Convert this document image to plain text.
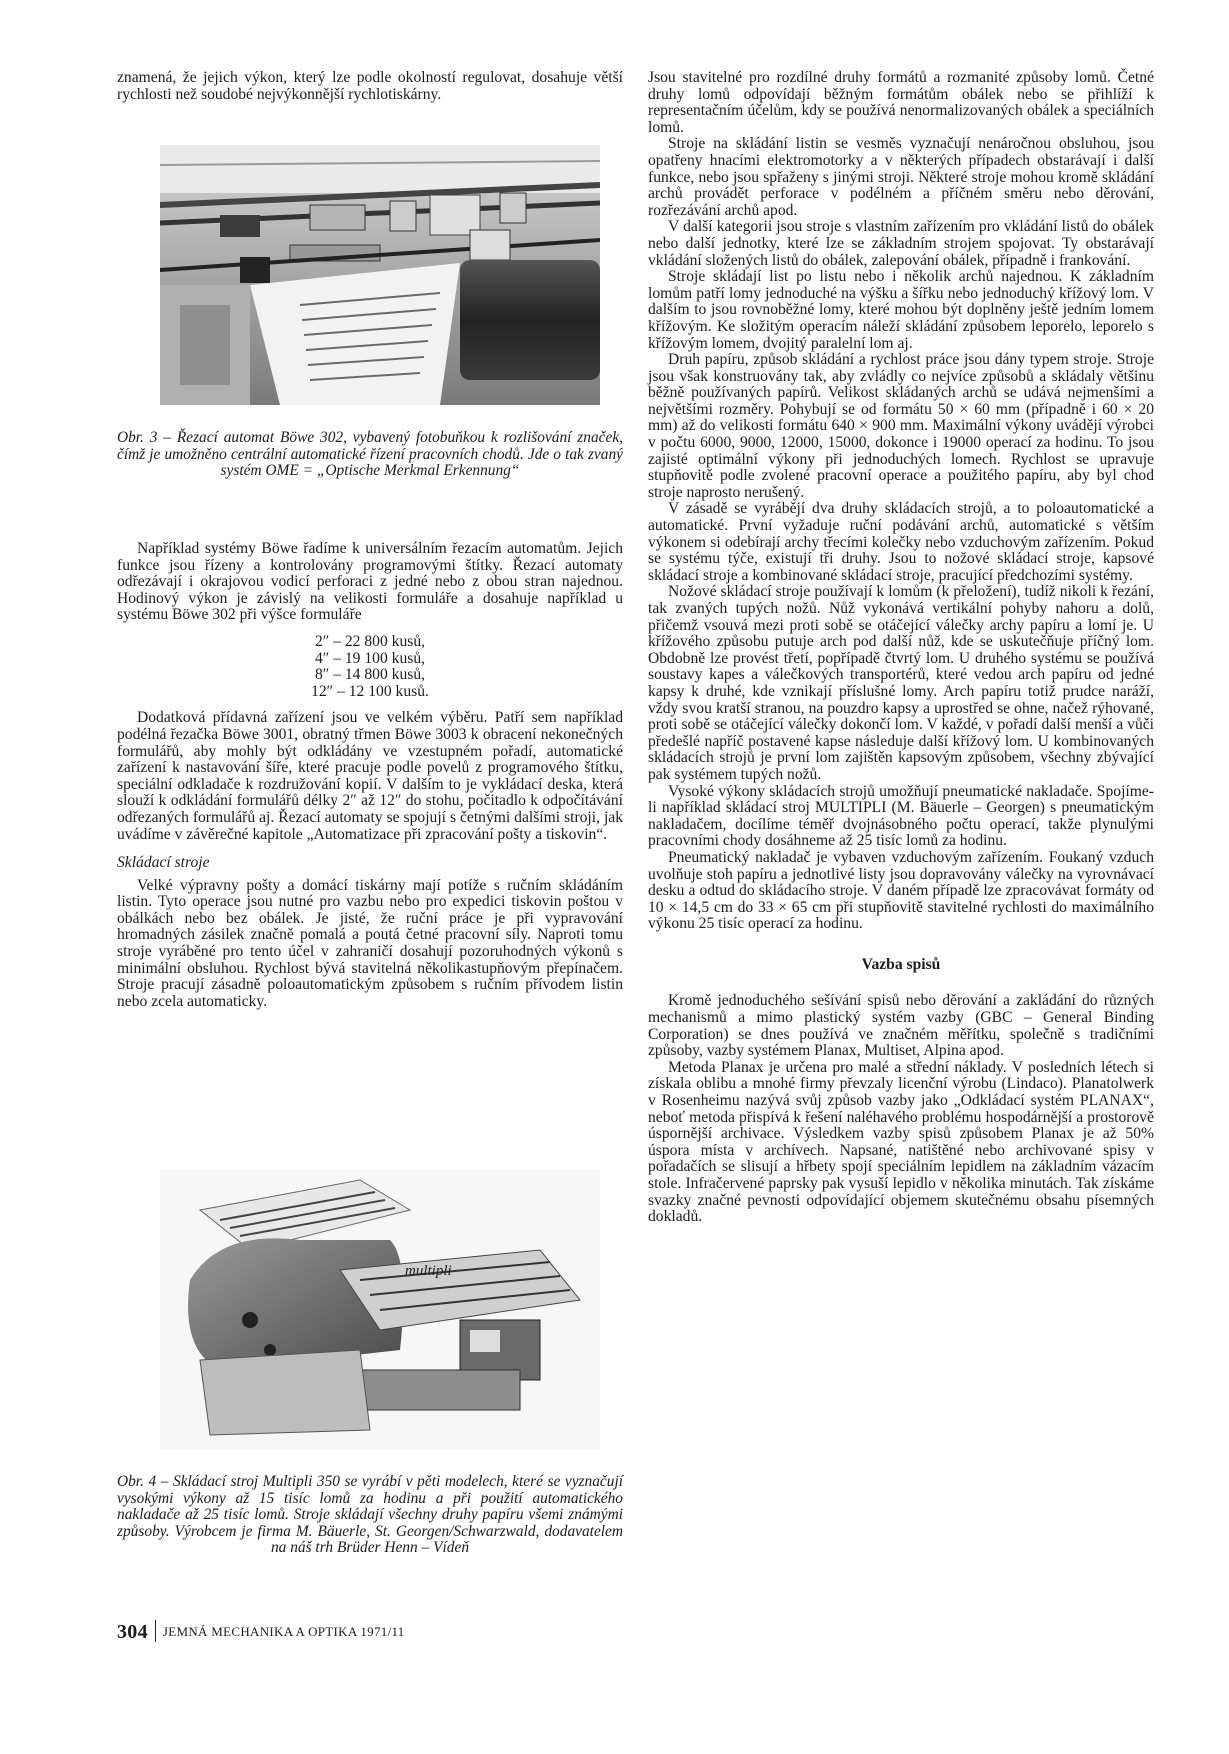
znamená, že jejich výkon, který lze podle okolností regulovat, dosahuje větší rychlosti než soudobé nejvýkonnější rychlotiskárny.

Obr. 3 – Řezací automat Böwe 302, vybavený fotobuňkou k rozlišování značek, čímž je umožněno centrální automatické řízení pracovních chodů. Jde o tak zvaný systém OME = „Optische Merkmal Erkennung“

Například systémy Böwe řadíme k universálním řezacím automatům. Jejich funkce jsou řízeny a kontrolovány programovými štítky. Řezací automaty odřezávají i okrajovou vodicí perforaci z jedné nebo z obou stran najednou. Hodinový výkon je závislý na velikosti formuláře a dosahuje například u systému Böwe 302 při výšce formuláře

2″ – 22 800 kusů,
4″ – 19 100 kusů,
8″ – 14 800 kusů,
12″ – 12 100 kusů.

Dodatková přídavná zařízení jsou ve velkém výběru. Patří sem například podélná řezačka Böwe 3001, obratný třmen Böwe 3003 k obracení nekonečných formulářů, aby mohly být odkládány ve vzestupném pořadí, automatické zařízení k nastavování šíře, které pracuje podle povelů z programového štítku, speciální odkladače k rozdružování kopií. V dalším to je vykládací deska, která slouží k odkládání formulářů délky 2″ až 12″ do stohu, počitadlo k odpočítávání odřezaných formulářů aj. Řezací automaty se spojují s četnými dalšími stroji, jak uvádíme v závěrečné kapitole „Automatizace při zpracování pošty a tiskovin“.

Skládací stroje

Velké výpravny pošty a domácí tiskárny mají potíže s ručním skládáním listin. Tyto operace jsou nutné pro vazbu nebo pro expedici tiskovin poštou v obálkách nebo bez obálek. Je jisté, že ruční práce je při vypravování hromadných zásilek značně pomalá a poutá četné pracovní síly. Naproti tomu stroje vyráběné pro tento účel v zahraničí dosahují pozoruhodných výkonů s minimální obsluhou. Rychlost bývá stavitelná několikastupňovým přepínačem. Stroje pracují zásadně poloautomatickým způsobem s ručním přívodem listin nebo zcela automaticky.

multipli
Obr. 4 – Skládací stroj Multipli 350 se vyrábí v pěti modelech, které se vyznačují vysokými výkony až 15 tisíc lomů za hodinu a při použití automatického nakladače až 25 tisíc lomů. Stroje skládají všechny druhy papíru všemi známými způsoby. Výrobcem je firma M. Bäuerle, St. Georgen/Schwarzwald, dodavatelem na náš trh Brüder Henn – Vídeň

Jsou stavitelné pro rozdílné druhy formátů a rozmanité způsoby lomů. Četné druhy lomů odpovídají běžným formátům obálek nebo se přihlíží k representačním účelům, kdy se používá nenormalizovaných obálek a speciálních lomů.

Stroje na skládání listin se vesměs vyznačují nenáročnou obsluhou, jsou opatřeny hnacími elektromotorky a v některých případech obstarávají i další funkce, nebo jsou spřaženy s jinými stroji. Některé stroje mohou kromě skládání archů provádět perforace v podélném a příčném směru nebo děrování, rozřezávání archů apod.

V další kategorii jsou stroje s vlastním zařízením pro vkládání listů do obálek nebo další jednotky, které lze se základním strojem spojovat. Ty obstarávají vkládání složených listů do obálek, zalepování obálek, případně i frankování.

Stroje skládají list po listu nebo i několik archů najednou. K základním lomům patří lomy jednoduché na výšku a šířku nebo jednoduchý křížový lom. V dalším to jsou rovnoběžné lomy, které mohou být doplněny ještě jedním lomem křížovým. Ke složitým operacím náleží skládání způsobem leporelo, leporelo s křížovým lomem, dvojitý paralelní lom aj.

Druh papíru, způsob skládání a rychlost práce jsou dány typem stroje. Stroje jsou však konstruovány tak, aby zvládly co nejvíce způsobů a skládaly většinu běžně používaných papírů. Velikost skládaných archů se udává nejmenšími a největšími rozměry. Pohybují se od formátu 50 × 60 mm (případně i 60 × 20 mm) až do velikosti formátu 640 × 900 mm. Maximální výkony uvádějí výrobci v počtu 6000, 9000, 12000, 15000, dokonce i 19000 operací za hodinu. To jsou zajisté optimální výkony při jednoduchých lomech. Rychlost se upravuje stupňovitě podle zvolené pracovní operace a použitého papíru, aby byl chod stroje naprosto nerušený.

V zásadě se vyrábějí dva druhy skládacích strojů, a to poloautomatické a automatické. První vyžaduje ruční podávání archů, automatické s větším výkonem si odebírají archy třecími kolečky nebo vzduchovým zařízením. Pokud se systému týče, existují tři druhy. Jsou to nožové skládací stroje, kapsové skládací stroje a kombinované skládací stroje, pracující předchozími systémy.

Nožové skládací stroje používají k lomům (k přeložení), tudíž nikoli k řezání, tak zvaných tupých nožů. Nůž vykonává vertikální pohyby nahoru a dolů, přičemž vsouvá mezi proti sobě se otáčející válečky archy papíru a lomí je. U křížového způsobu putuje arch pod další nůž, kde se uskutečňuje příčný lom. Obdobně lze provést třetí, popřípadě čtvrtý lom. U druhého systému se používá soustavy kapes a válečkových transportérů, které vedou arch papíru od jedné kapsy k druhé, kde vznikají příslušné lomy. Arch papíru totiž prudce naráží, vždy svou kratší stranou, na pouzdro kapsy a uprostřed se ohne, načež rýhované, proti sobě se otáčející válečky dokončí lom. V každé, v pořadí další menší a vůči předešlé napříč postavené kapse následuje další křížový lom. U kombinovaných skládacích strojů je první lom zajištěn kapsovým způsobem, všechny zbývající pak systémem tupých nožů.

Vysoké výkony skládacích strojů umožňují pneumatické nakladače. Spojíme-li například skládací stroj MULTIPLI (M. Bäuerle – Georgen) s pneumatickým nakladačem, docílíme téměř dvojnásobného počtu operací, takže plynulými pracovními chody dosáhneme až 25 tisíc lomů za hodinu.

Pneumatický nakladač je vybaven vzduchovým zařízením. Foukaný vzduch uvolňuje stoh papíru a jednotlivé listy jsou dopravovány válečky na vyrovnávací desku a odtud do skládacího stroje. V daném případě lze zpracovávat formáty od 10 × 14,5 cm do 33 × 65 cm při stupňovitě stavitelné rychlosti do maximálního výkonu 25 tisíc operací za hodinu.

Vazba spisů

Kromě jednoduchého sešívání spisů nebo děrování a zakládání do různých mechanismů a mimo plastický systém vazby (GBC – General Binding Corporation) se dnes používá ve značném měřítku, společně s tradičními způsoby, vazby systémem Planax, Multiset, Alpina apod.

Metoda Planax je určena pro malé a střední náklady. V posledních létech si získala oblibu a mnohé firmy převzaly licenční výrobu (Lindaco). Planatolwerk v Rosenheimu nazývá svůj způsob vazby jako „Odkládací systém PLANAX“, neboť metoda přispívá k řešení naléhavého problému hospodárnější a prostorově úspornější archivace. Výsledkem vazby spisů způsobem Planax je až 50% úspora místa v archívech. Napsané, natištěné nebo archivované spisy v pořadačích se slisují a hřbety spojí speciálním lepidlem na základním vázacím stole. Infračervené paprsky pak vysuší lepidlo v několika minutách. Tak získáme svazky značné pevnosti odpovídající objemem skutečnému obsahu písemných dokladů.

304 JEMNÁ MECHANIKA A OPTIKA 1971/11
